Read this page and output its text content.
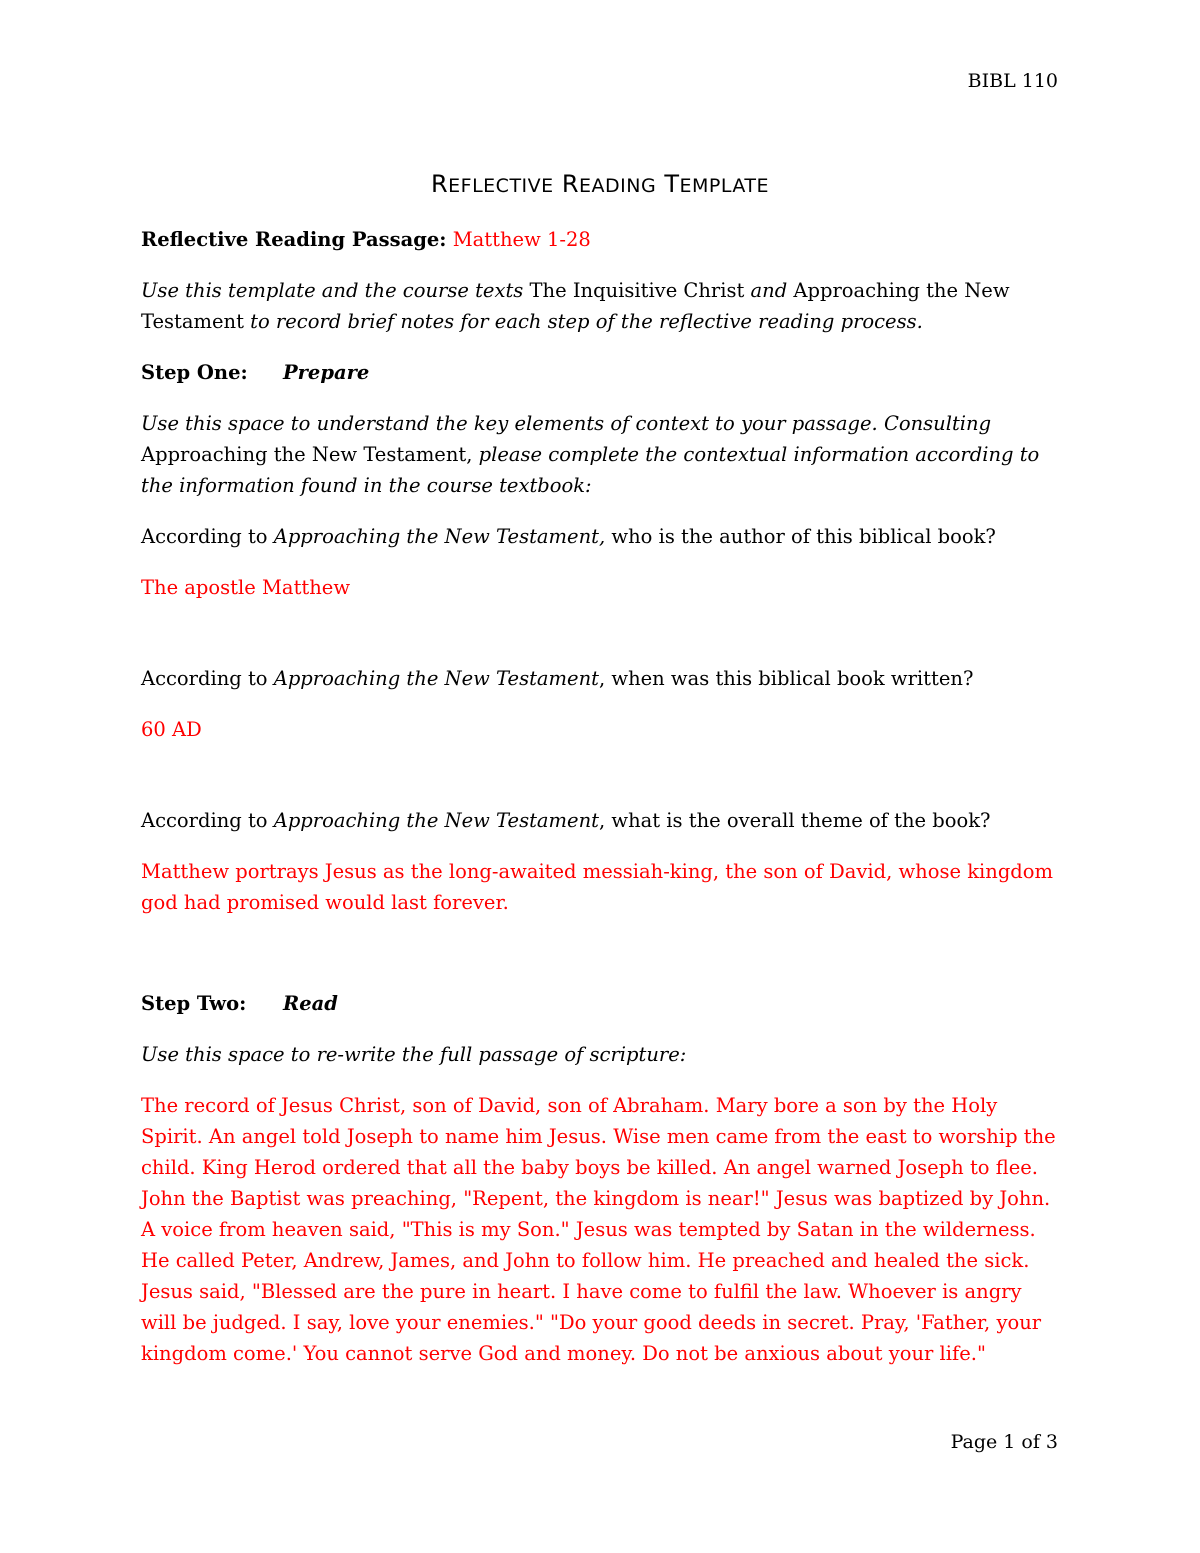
BIBL 110
REFLECTIVE READING TEMPLATE

Reflective Reading Passage: Matthew 1-28

Use this template and the course texts The Inquisitive Christ and Approaching the New Testament to record brief notes for each step of the reflective reading process.

Step One: Prepare

Use this space to understand the key elements of context to your passage. Consulting Approaching the New Testament, please complete the contextual information according to the information found in the course textbook:

According to Approaching the New Testament, who is the author of this biblical book?

The apostle Matthew

According to Approaching the New Testament, when was this biblical book written?

60 AD

According to Approaching the New Testament, what is the overall theme of the book?

Matthew portrays Jesus as the long-awaited messiah-king, the son of David, whose kingdom god had promised would last forever.

Step Two: Read

Use this space to re-write the full passage of scripture:

The record of Jesus Christ, son of David, son of Abraham. Mary bore a son by the Holy Spirit. An angel told Joseph to name him Jesus. Wise men came from the east to worship the child. King Herod ordered that all the baby boys be killed. An angel warned Joseph to flee. John the Baptist was preaching, "Repent, the kingdom is near!" Jesus was baptized by John. A voice from heaven said, "This is my Son." Jesus was tempted by Satan in the wilderness. He called Peter, Andrew, James, and John to follow him. He preached and healed the sick. Jesus said, "Blessed are the pure in heart. I have come to fulfil the law. Whoever is angry will be judged. I say, love your enemies." "Do your good deeds in secret. Pray, 'Father, your kingdom come.' You cannot serve God and money. Do not be anxious about your life."

Page 1 of 3
